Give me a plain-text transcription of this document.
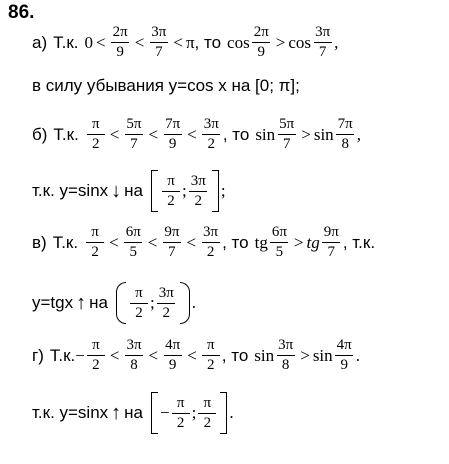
86.
а) Т.к. $0 < \frac{2\pi}{9} < \frac{3\pi}{7} < \pi$ , то $\cos \frac{2\pi}{9} > \cos \frac{3\pi}{7}$ ,
в силу убывания y=cos x на [0; π];
б) Т.к. $\frac{\pi}{2} < \frac{5\pi}{7} < \frac{7\pi}{9} < \frac{3\pi}{2}$ , то $\sin \frac{5\pi}{7} > \sin \frac{7\pi}{8}$ ,
т.к. y=sinx ↓ на $\frac{\pi}{2}$ ; $\frac{3\pi}{2}$ ;
в) Т.к. $\frac{\pi}{2} < \frac{6\pi}{5} < \frac{9\pi}{7} < \frac{3\pi}{2}$ , то tg $\frac{6\pi}{5}$ > tg $\frac{9\pi}{7}$ , т.к.
y=tgx ↑ на $\frac{\pi}{2}$ ; $\frac{3\pi}{2}$ .
г) Т.к. − $\frac{\pi}{2} < \frac{3\pi}{8} < \frac{4\pi}{9} < \frac{\pi}{2}$ , то $\sin \frac{3\pi}{8} > \sin \frac{4\pi}{9}$ .
т.к. y=sinx ↑ на − $\frac{\pi}{2}$ ; $\frac{\pi}{2}$ .
